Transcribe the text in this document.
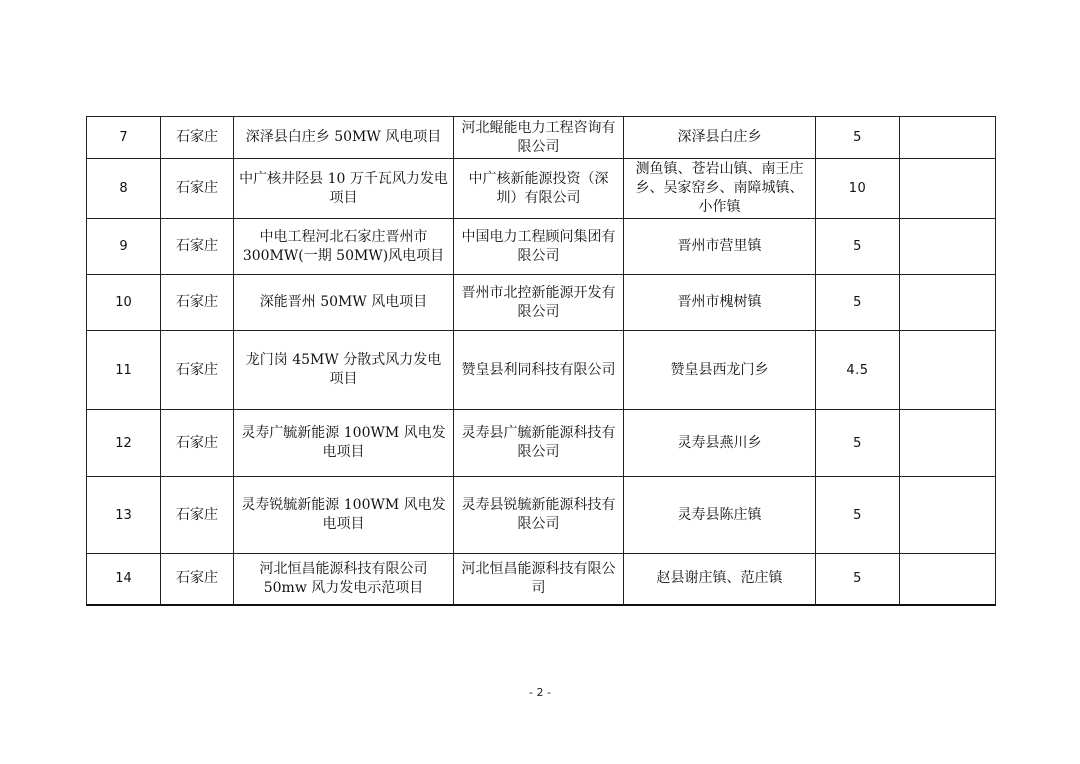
7	石家庄	深泽县白庄乡 50MW 风电项目	河北鲲能电力工程咨询有限公司	深泽县白庄乡	5	
8	石家庄	中广核井陉县 10 万千瓦风力发电项目	中广核新能源投资（深圳）有限公司	测鱼镇、苍岩山镇、南王庄乡、吴家窑乡、南障城镇、小作镇	10	
9	石家庄	中电工程河北石家庄晋州市 300MW(一期 50MW)风电项目	中国电力工程顾问集团有限公司	晋州市营里镇	5	
10	石家庄	深能晋州 50MW 风电项目	晋州市北控新能源开发有限公司	晋州市槐树镇	5	
11	石家庄	龙门岗 45MW 分散式风力发电项目	赞皇县利同科技有限公司	赞皇县西龙门乡	4.5	
12	石家庄	灵寿广毓新能源 100WM 风电发电项目	灵寿县广毓新能源科技有限公司	灵寿县燕川乡	5	
13	石家庄	灵寿锐毓新能源 100WM 风电发电项目	灵寿县锐毓新能源科技有限公司	灵寿县陈庄镇	5	
14	石家庄	河北恒昌能源科技有限公司 50mw 风力发电示范项目	河北恒昌能源科技有限公司	赵县谢庄镇、范庄镇	5	
- 2 -
